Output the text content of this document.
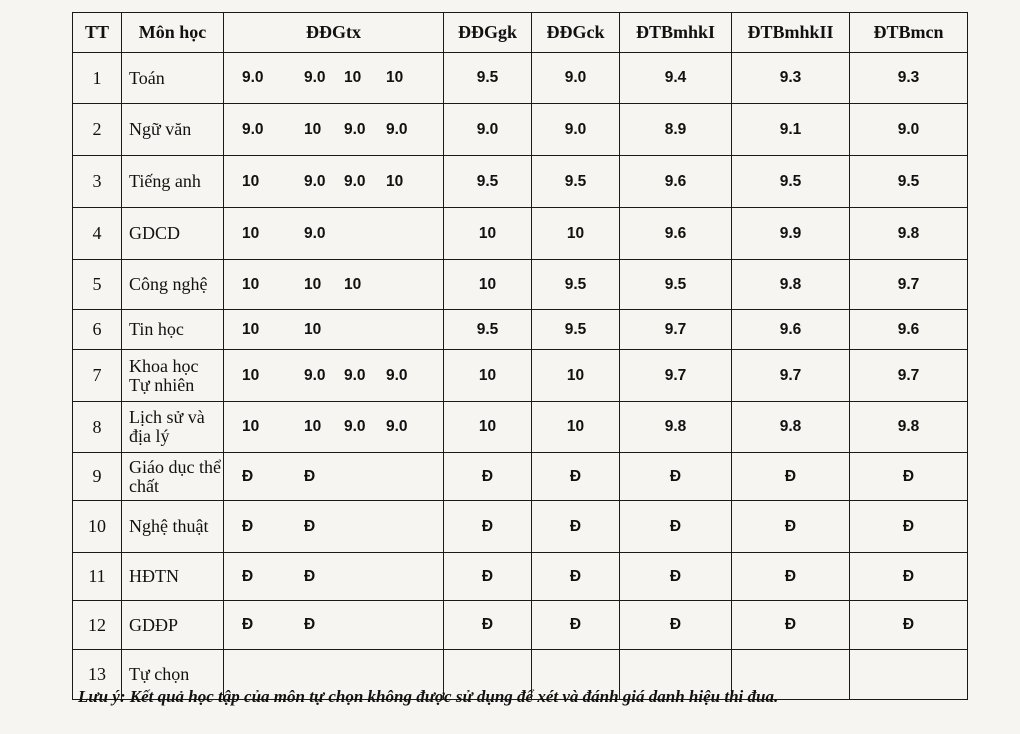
TT	Môn học	ĐĐGtx	ĐĐGgk	ĐĐGck	ĐTBmhkI	ĐTBmhkII	ĐTBmcn
1	Toán	9.0 9.0 10 10	9.5	9.0	9.4	9.3	9.3
2	Ngữ văn	9.0 10 9.0 9.0	9.0	9.0	8.9	9.1	9.0
3	Tiếng anh	10 9.0 9.0 10	9.5	9.5	9.6	9.5	9.5
4	GDCD	10 9.0	10	10	9.6	9.9	9.8
5	Công nghệ	10 10 10	10	9.5	9.5	9.8	9.7
6	Tin học	10 10	9.5	9.5	9.7	9.6	9.6
7	Khoa học Tự nhiên	10 9.0 9.0 9.0	10	10	9.7	9.7	9.7
8	Lịch sử và địa lý	10 10 9.0 9.0	10	10	9.8	9.8	9.8
9	Giáo dục thể chất	Đ Đ	Đ	Đ	Đ	Đ	Đ
10	Nghệ thuật	Đ Đ	Đ	Đ	Đ	Đ	Đ
11	HĐTN	Đ Đ	Đ	Đ	Đ	Đ	Đ
12	GDĐP	Đ Đ	Đ	Đ	Đ	Đ	Đ
13	Tự chọn	

Lưu ý: Kết quả học tập của môn tự chọn không được sử dụng để xét và đánh giá danh hiệu thi đua.
